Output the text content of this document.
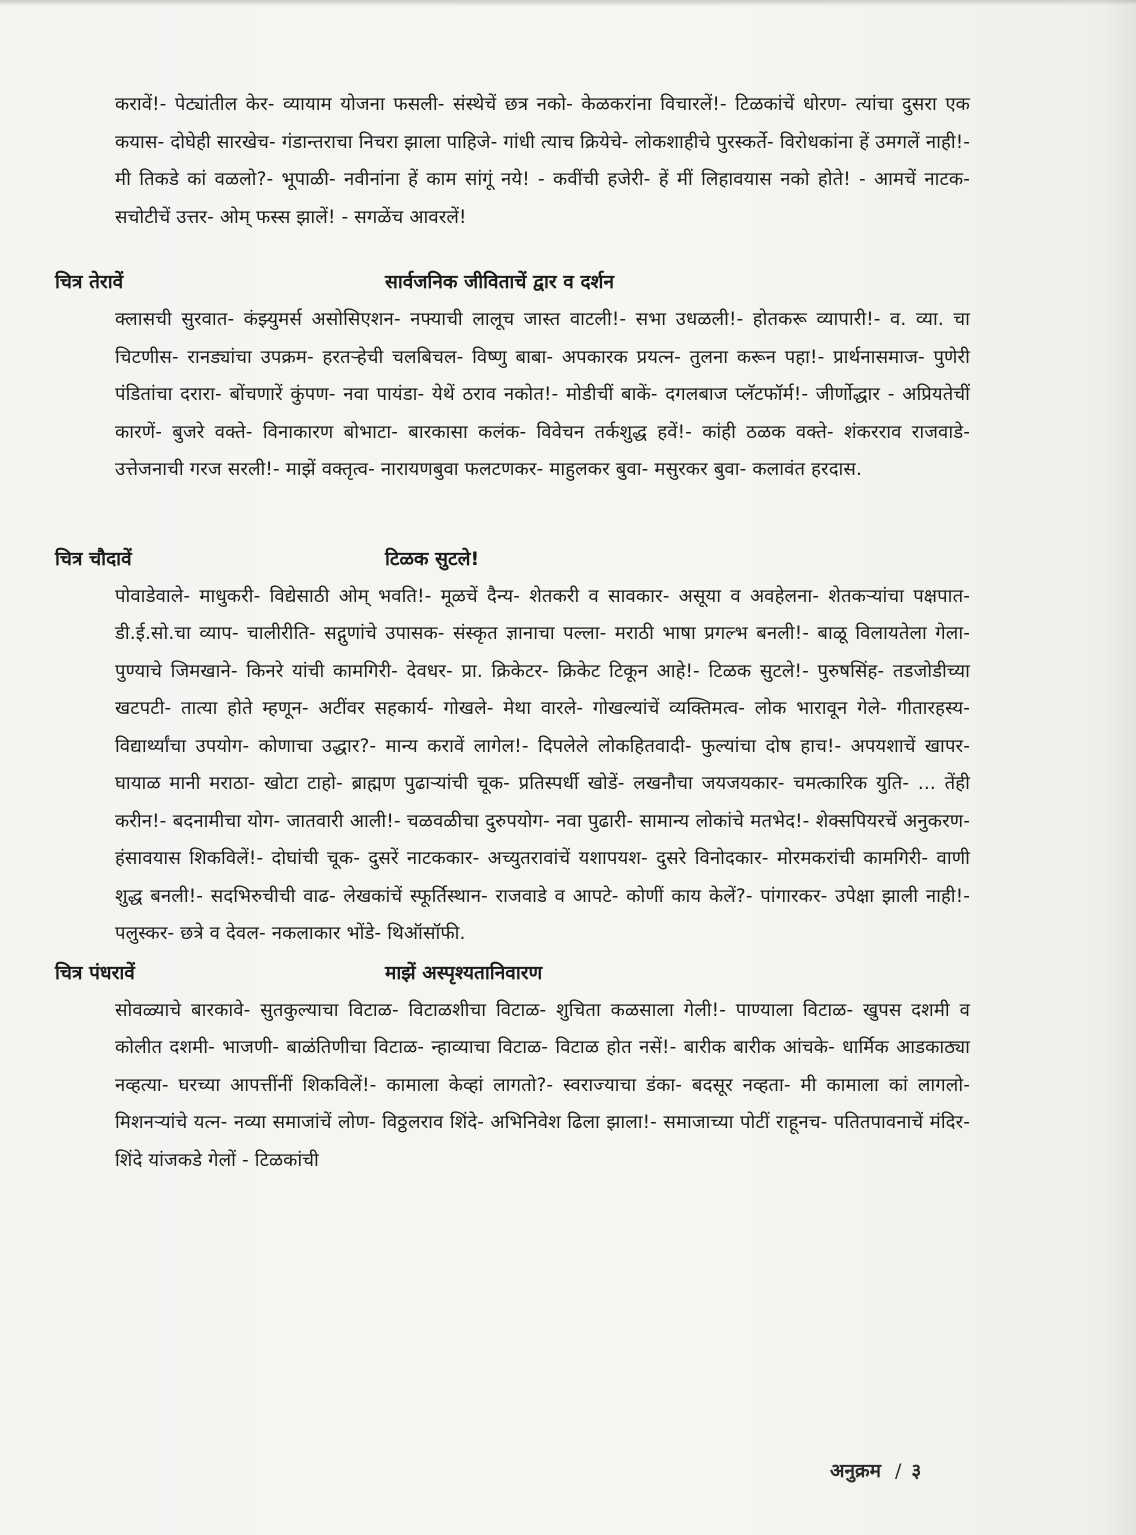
करावें!- पेट्यांतील केर- व्यायाम योजना फसली- संस्थेचें छत्र नको- केळकरांना विचारलें!- टिळकांचें धोरण- त्यांचा दुसरा एक कयास- दोघेही सारखेच- गंडान्तराचा निचरा झाला पाहिजे- गांधी त्याच क्रियेचे- लोकशाहीचे पुरस्कर्ते- विरोधकांना हें उमगलें नाही!- मी तिकडे कां वळलो?- भूपाळी- नवीनांना हें काम सांगूं नये! - कवींची हजेरी- हें मीं लिहावयास नको होते! - आमचें नाटक- सचोटीचें उत्तर- ओम् फस्स झालें! - सगळेंच आवरलें!

चित्र तेरावें	सार्वजनिक जीविताचें द्वार व दर्शन

क्लासची सुरवात- कंझ्युमर्स असोसिएशन- नफ्याची लालूच जास्त वाटली!- सभा उधळली!- होतकरू व्यापारी!- व. व्या. चा चिटणीस- रानड्यांचा उपक्रम- हरतऱ्हेची चलबिचल- विष्णु बाबा- अपकारक प्रयत्न- तुलना करून पहा!- प्रार्थनासमाज- पुणेरी पंडितांचा दरारा- बोंचणारें कुंपण- नवा पायंडा- येथें ठराव नकोत!- मोडीचीं बाकें- दगलबाज प्लॅटफॉर्म!- जीर्णोद्धार - अप्रियतेचीं कारणें- बुजरे वक्ते- विनाकारण बोभाटा- बारकासा कलंक- विवेचन तर्कशुद्ध हवें!- कांही ठळक वक्ते- शंकरराव राजवाडे- उत्तेजनाची गरज सरली!- माझें वक्तृत्व- नारायणबुवा फलटणकर- माहुलकर बुवा- मसुरकर बुवा- कलावंत हरदास.

चित्र चौदावें	टिळक सुटले!

पोवाडेवाले- माधुकरी- विद्येसाठी ओम् भवति!- मूळचें दैन्य- शेतकरी व सावकार- असूया व अवहेलना- शेतकऱ्यांचा पक्षपात- डी.ई.सो.चा व्याप- चालीरीति- सद्गुणांचे उपासक- संस्कृत ज्ञानाचा पल्ला- मराठी भाषा प्रगल्भ बनली!- बाळू विलायतेला गेला- पुण्याचे जिमखाने- किनरे यांची कामगिरी- देवधर- प्रा. क्रिकेटर- क्रिकेट टिकून आहे!- टिळक सुटले!- पुरुषसिंह- तडजोडीच्या खटपटी- तात्या होते म्हणून- अटींवर सहकार्य- गोखले- मेथा वारले- गोखल्यांचें व्यक्तिमत्व- लोक भारावून गेले- गीतारहस्य- विद्यार्थ्यांचा उपयोग- कोणाचा उद्धार?- मान्य करावें लागेल!- दिपलेले लोकहितवादी- फुल्यांचा दोष हाच!- अपयशाचें खापर- घायाळ मानी मराठा- खोटा टाहो- ब्राह्मण पुढाऱ्यांची चूक- प्रतिस्पर्धी खोडें- लखनौचा जयजयकार- चमत्कारिक युति- ... तेंही करीन!- बदनामीचा योग- जातवारी आली!- चळवळीचा दुरुपयोग- नवा पुढारी- सामान्य लोकांचे मतभेद!- शेक्सपियरचें अनुकरण- हंसावयास शिकविलें!- दोघांची चूक- दुसरें नाटककार- अच्युतरावांचें यशापयश- दुसरे विनोदकार- मोरमकरांची कामगिरी- वाणी शुद्ध बनली!- सदभिरुचीची वाढ- लेखकांचें स्फूर्तिस्थान- राजवाडे व आपटे- कोणीं काय केलें?- पांगारकर- उपेक्षा झाली नाही!- पलुस्कर- छत्रे व देवल- नकलाकार भोंडे- थिऑसॉफी.

चित्र पंधरावें	माझें अस्पृश्यतानिवारण

सोवळ्याचे बारकावे- सुतकुल्याचा विटाळ- विटाळशीचा विटाळ- शुचिता कळसाला गेली!- पाण्याला विटाळ- खुपस दशमी व कोलीत दशमी- भाजणी- बाळंतिणीचा विटाळ- न्हाव्याचा विटाळ- विटाळ होत नसें!- बारीक बारीक आंचके- धार्मिक आडकाठ्या नव्हत्या- घरच्या आपत्तींनीं शिकविलें!- कामाला केव्हां लागतो?- स्वराज्याचा डंका- बदसूर नव्हता- मी कामाला कां लागलो- मिशनऱ्यांचे यत्न- नव्या समाजांचें लोण- विठ्ठलराव शिंदे- अभिनिवेश ढिला झाला!- समाजाच्या पोटीं राहूनच- पतितपावनाचें मंदिर- शिंदे यांजकडे गेलों - टिळकांची

अनुक्रम / ३
